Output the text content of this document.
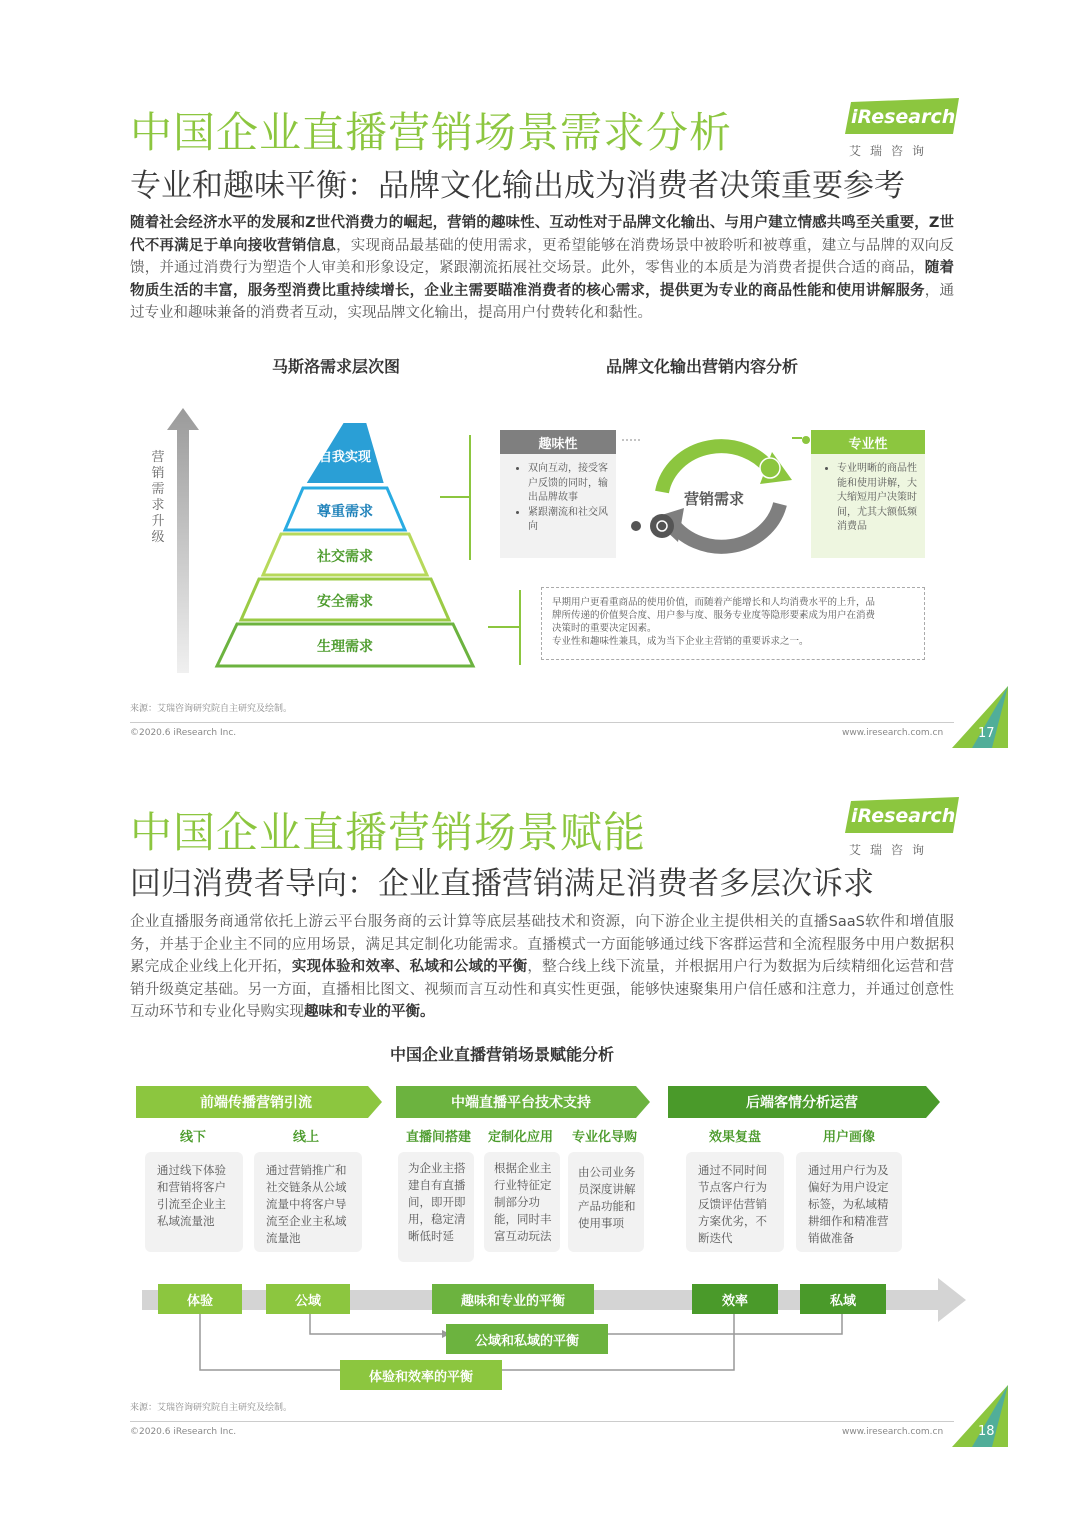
中国企业直播营销场景需求分析	iResearch
艾瑞咨询
专业和趣味平衡：品牌文化输出成为消费者决策重要参考
随着社会经济水平的发展和Z世代消费力的崛起，营销的趣味性、互动性对于品牌文化输出、与用户建立情感共鸣至关重要，Z世代不再满足于单向接收营销信息，实现商品最基础的使用需求，更希望能够在消费场景中被聆听和被尊重，建立与品牌的双向反馈，并通过消费行为塑造个人审美和形象设定，紧跟潮流拓展社交场景。此外，零售业的本质是为消费者提供合适的商品，随着物质生活的丰富，服务型消费比重持续增长，企业主需要瞄准消费者的核心需求，提供更为专业的商品性能和使用讲解服务，通过专业和趣味兼备的消费者互动，实现品牌文化输出，提高用户付费转化和黏性。
马斯洛需求层次图	品牌文化输出营销内容分析
营销需求升级
自我实现
尊重需求
社交需求
安全需求
生理需求
趣味性
• 双向互动，接受客户反馈的同时，输出品牌故事
• 紧跟潮流和社交风向
营销需求
专业性
• 专业明晰的商品性能和使用讲解，大大缩短用户决策时间，尤其大额低频消费品
早期用户更看重商品的使用价值，而随着产能增长和人均消费水平的上升，品
牌所传递的价值契合度、用户参与度、服务专业度等隐形要素成为用户在消费
决策时的重要决定因素。
专业性和趣味性兼具，成为当下企业主营销的重要诉求之一。
来源：艾瑞咨询研究院自主研究及绘制。
©2020.6 iResearch Inc.	www.iresearch.com.cn	17
中国企业直播营销场景赋能	iResearch
艾瑞咨询
回归消费者导向：企业直播营销满足消费者多层次诉求
企业直播服务商通常依托上游云平台服务商的云计算等底层基础技术和资源，向下游企业主提供相关的直播SaaS软件和增值服务，并基于企业主不同的应用场景，满足其定制化功能需求。直播模式一方面能够通过线下客群运营和全流程服务中用户数据积累完成企业线上化开拓，实现体验和效率、私域和公域的平衡，整合线上线下流量，并根据用户行为数据为后续精细化运营和营销升级奠定基础。另一方面，直播相比图文、视频而言互动性和真实性更强，能够快速聚集用户信任感和注意力，并通过创意性互动环节和专业化导购实现趣味和专业的平衡。
中国企业直播营销场景赋能分析
前端传播营销引流	中端直播平台技术支持	后端客情分析运营
线下	线上	直播间搭建 定制化应用 专业化导购	效果复盘	用户画像
通过线下体验和营销将客户引流至企业主私域流量池
通过营销推广和社交链条从公域流量中将客户导流至企业主私域流量池
为企业主搭建自有直播间，即开即用，稳定清晰低时延
根据企业主行业特征定制部分功能，同时丰富互动玩法
由公司业务员深度讲解产品功能和使用事项
通过不同时间节点客户行为反馈评估营销方案优劣，不断迭代
通过用户行为及偏好为用户设定标签，为私域精耕细作和精准营销做准备
体验	公域	趣味和专业的平衡	效率	私域
公域和私域的平衡
体验和效率的平衡
来源：艾瑞咨询研究院自主研究及绘制。
©2020.6 iResearch Inc.	www.iresearch.com.cn	18
